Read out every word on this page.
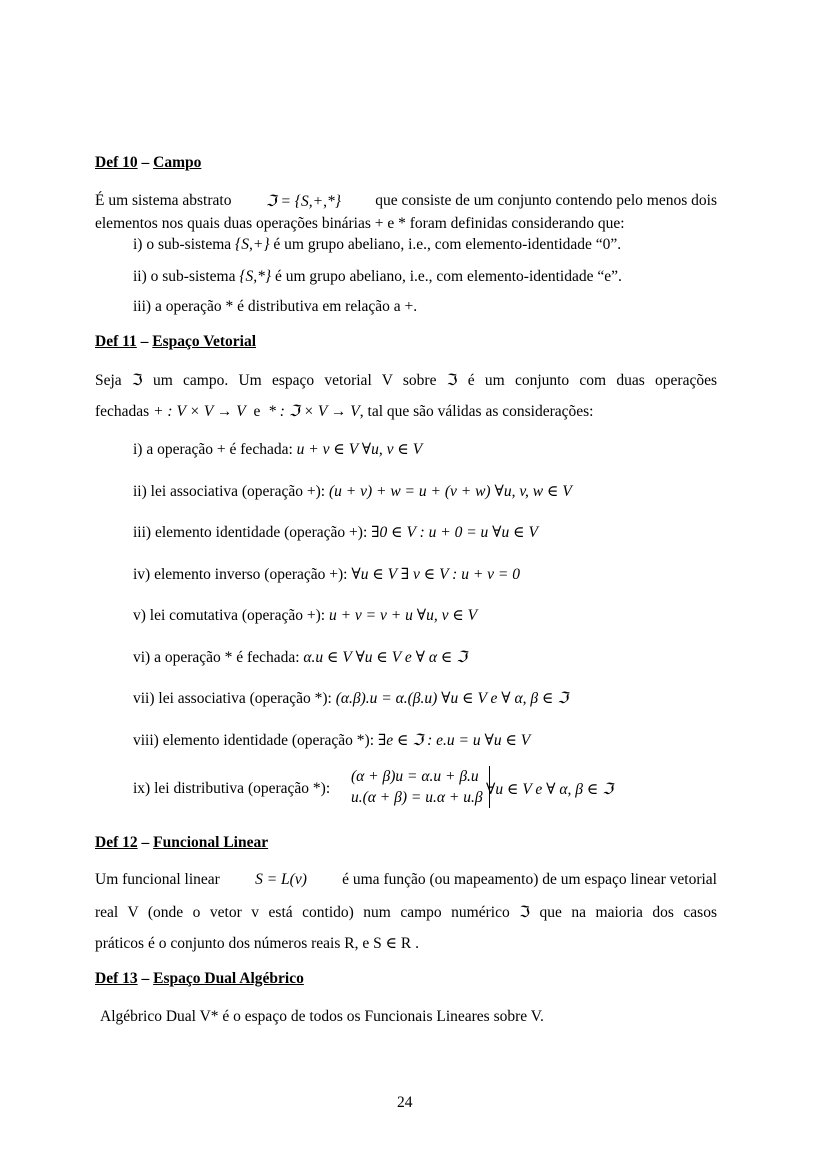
Def 10 – Campo
É um sistema abstrato ℑ = {S,+,*} que consiste de um conjunto contendo pelo menos dois
elementos nos quais duas operações binárias + e * foram definidas considerando que:
i) o sub-sistema {S,+} é um grupo abeliano, i.e., com elemento-identidade “0”.
ii) o sub-sistema {S,*} é um grupo abeliano, i.e., com elemento-identidade “e”.
iii) a operação * é distributiva em relação a +.
Def 11 – Espaço Vetorial
Seja ℑ um campo. Um espaço vetorial V sobre ℑ é um conjunto com duas operações
fechadas + : V × V → V e * : ℑ × V → V, tal que são válidas as considerações:
i) a operação + é fechada: u + v ∈ V ∀u, v ∈ V
ii) lei associativa (operação +): (u + v) + w = u + (v + w) ∀u, v, w ∈ V
iii) elemento identidade (operação +): ∃0 ∈ V : u + 0 = u ∀u ∈ V
iv) elemento inverso (operação +): ∀u ∈ V ∃ v ∈ V : u + v = 0
v) lei comutativa (operação +): u + v = v + u ∀u, v ∈ V
vi) a operação * é fechada: α.u ∈ V ∀u ∈ V e ∀ α ∈ ℑ
vii) lei associativa (operação *): (α.β).u = α.(β.u) ∀u ∈ V e ∀ α, β ∈ ℑ
viii) elemento identidade (operação *): ∃e ∈ ℑ : e.u = u ∀u ∈ V
ix) lei distributiva (operação *):
(α + β)u = α.u + β.u
u.(α + β) = u.α + u.β ∀u ∈ V e ∀ α, β ∈ ℑ
Def 12 – Funcional Linear
Um funcional linear S = L(v) é uma função (ou mapeamento) de um espaço linear vetorial
real V (onde o vetor v está contido) num campo numérico ℑ que na maioria dos casos
práticos é o conjunto dos números reais R, e S ∈ R .
Def 13 – Espaço Dual Algébrico
Algébrico Dual V* é o espaço de todos os Funcionais Lineares sobre V.
24
